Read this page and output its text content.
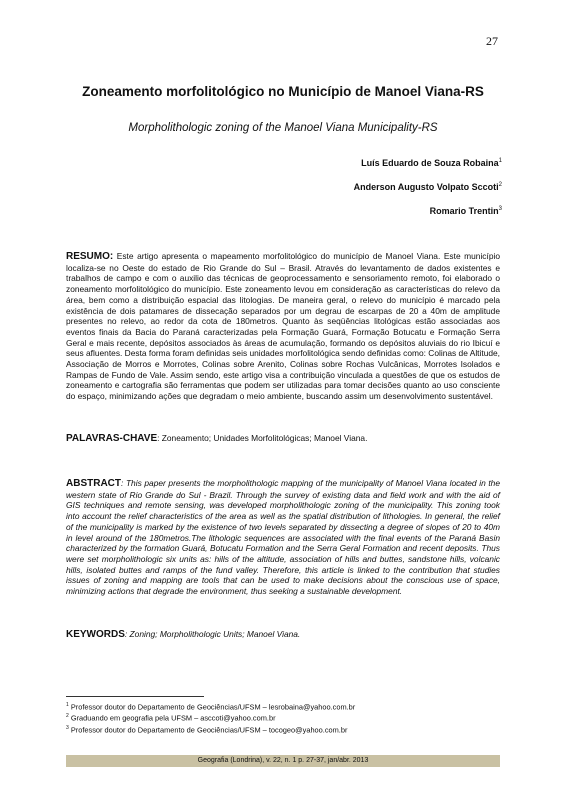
27
Zoneamento morfolitológico no Município de Manoel Viana-RS
Morpholithologic zoning of the Manoel Viana Municipality-RS
Luís Eduardo de Souza Robaina$^1$
Anderson Augusto Volpato Sccoti$^2$
Romario Trentin$^3$
RESUMO: Este artigo apresenta o mapeamento morfolitológico do município de Manoel Viana. Este município localiza-se no Oeste do estado de Rio Grande do Sul – Brasil. Através do levantamento de dados existentes e trabalhos de campo e com o auxilio das técnicas de geoprocessamento e sensoriamento remoto, foi elaborado o zoneamento morfolitológico do município. Este zoneamento levou em consideração as características do relevo da área, bem como a distribuição espacial das litologias. De maneira geral, o relevo do município é marcado pela existência de dois patamares de dissecação separados por um degrau de escarpas de 20 a 40m de amplitude presentes no relevo, ao redor da cota de 180metros. Quanto às seqüências litológicas estão associadas aos eventos finais da Bacia do Paraná caracterizadas pela Formação Guará, Formação Botucatu e Formação Serra Geral e mais recente, depósitos associados às áreas de acumulação, formando os depósitos aluviais do rio Ibicuí e seus afluentes. Desta forma foram definidas seis unidades morfolitológica sendo definidas como: Colinas de Altitude, Associação de Morros e Morrotes, Colinas sobre Arenito, Colinas sobre Rochas Vulcânicas, Morrotes Isolados e Rampas de Fundo de Vale. Assim sendo, este artigo visa a contribuição vinculada a questões de que os estudos de zoneamento e cartografia são ferramentas que podem ser utilizadas para tomar decisões quanto ao uso consciente do espaço, minimizando ações que degradam o meio ambiente, buscando assim um desenvolvimento sustentável.
PALAVRAS-CHAVE: Zoneamento; Unidades Morfolitológicas; Manoel Viana.
ABSTRACT: This paper presents the morpholithologic mapping of the municipality of Manoel Viana located in the western state of Rio Grande do Sul - Brazil. Through the survey of existing data and field work and with the aid of GIS techniques and remote sensing, was developed morpholithologic zoning of the municipality. This zoning took into account the relief characteristics of the area as well as the spatial distribution of lithologies. In general, the relief of the municipality is marked by the existence of two levels separated by dissecting a degree of slopes of 20 to 40m in level around of the 180metros.The lithologic sequences are associated with the final events of the Paraná Basin characterized by the formation Guará, Botucatu Formation and the Serra Geral Formation and recent deposits. Thus were set morpholithologic six units as: hills of the altitude, association of hills and buttes, sandstone hills, volcanic hills, isolated buttes and ramps of the fund valley. Therefore, this article is linked to the contribution that studies issues of zoning and mapping are tools that can be used to make decisions about the conscious use of space, minimizing actions that degrade the environment, thus seeking a sustainable development.
KEYWORDS: Zoning; Morpholithologic Units; Manoel Viana.
$^1$ Professor doutor do Departamento de Geociências/UFSM – lesrobaina@yahoo.com.br
$^2$ Graduando em geografia pela UFSM – asccoti@yahoo.com.br
$^3$ Professor doutor do Departamento de Geociências/UFSM – tocogeo@yahoo.com.br
Geografia (Londrina), v. 22, n. 1 p. 27-37, jan/abr. 2013
